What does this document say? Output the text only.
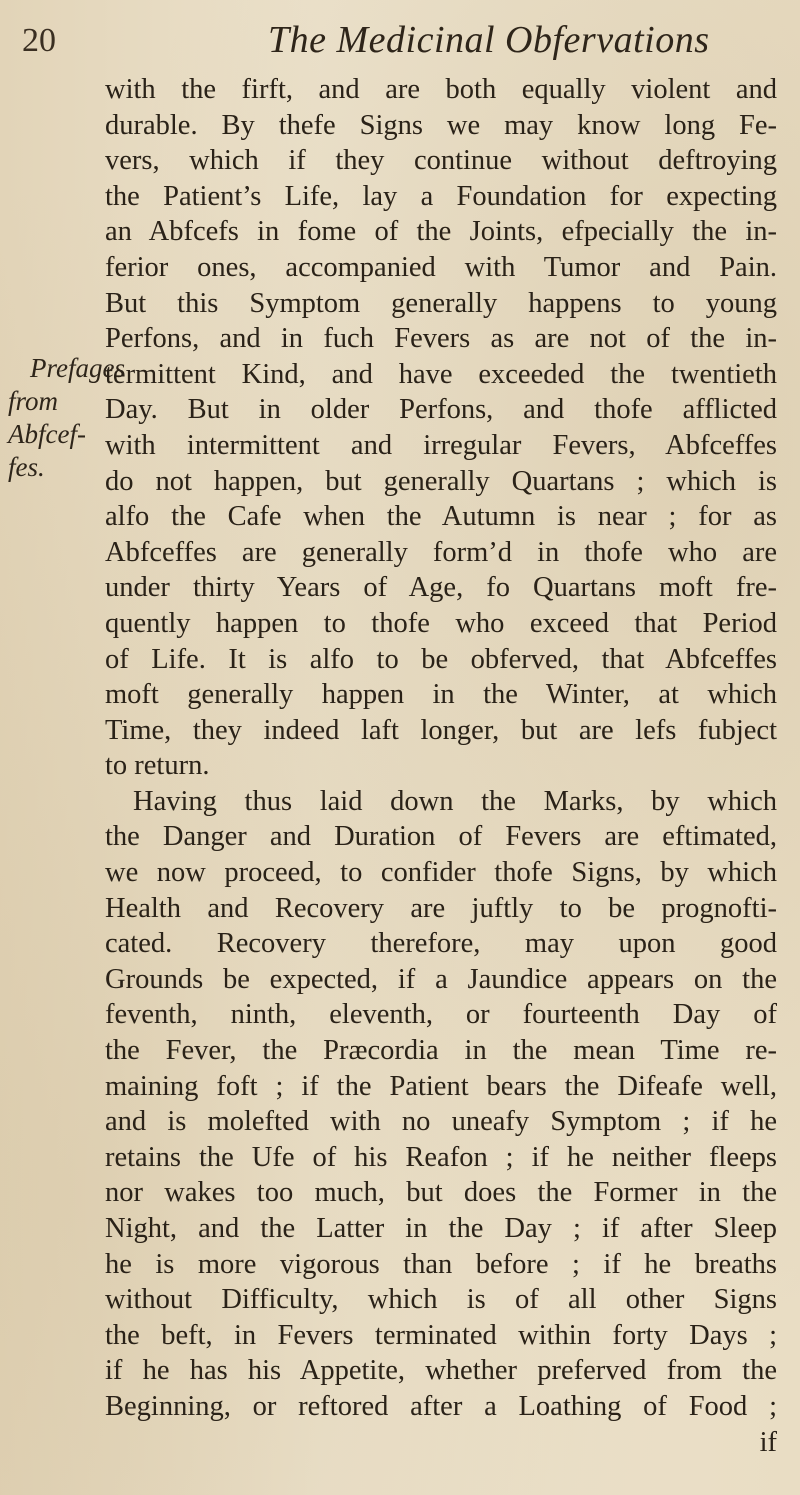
20	The Medicinal Obfervations
Prefages
from Abfcef-
fes.
with the firft, and are both equally violent and
durable. By thefe Signs we may know long Fe-
vers, which if they continue without deftroying
the Patient’s Life, lay a Foundation for expecting
an Abfcefs in fome of the Joints, efpecially the in-
ferior ones, accompanied with Tumor and Pain.
But this Symptom generally happens to young
Perfons, and in fuch Fevers as are not of the in-
termittent Kind, and have exceeded the twentieth
Day. But in older Perfons, and thofe afflicted
with intermittent and irregular Fevers, Abfceffes
do not happen, but generally Quartans ; which is
alfo the Cafe when the Autumn is near ; for as
Abfceffes are generally form’d in thofe who are
under thirty Years of Age, fo Quartans moft fre-
quently happen to thofe who exceed that Period
of Life. It is alfo to be obferved, that Abfceffes
moft generally happen in the Winter, at which
Time, they indeed laft longer, but are lefs fubject
to return.
Having thus laid down the Marks, by which
the Danger and Duration of Fevers are eftimated,
we now proceed, to confider thofe Signs, by which
Health and Recovery are juftly to be prognofti-
cated. Recovery therefore, may upon good
Grounds be expected, if a Jaundice appears on the
feventh, ninth, eleventh, or fourteenth Day of
the Fever, the Præcordia in the mean Time re-
maining foft ; if the Patient bears the Difeafe well,
and is molefted with no uneafy Symptom ; if he
retains the Ufe of his Reafon ; if he neither fleeps
nor wakes too much, but does the Former in the
Night, and the Latter in the Day ; if after Sleep
he is more vigorous than before ; if he breaths
without Difficulty, which is of all other Signs
the beft, in Fevers terminated within forty Days ;
if he has his Appetite, whether preferved from the
Beginning, or reftored after a Loathing of Food ;
if
